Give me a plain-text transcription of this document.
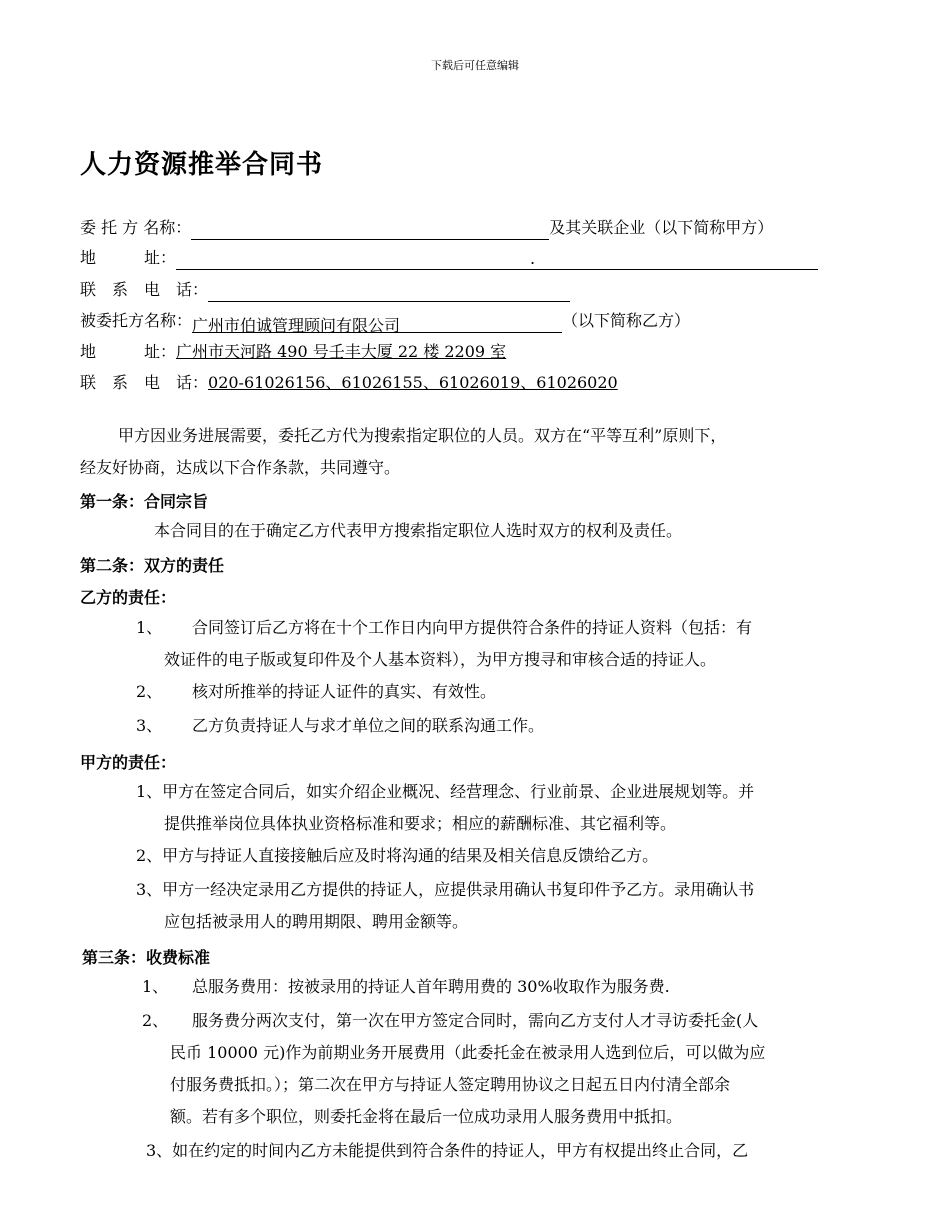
下载后可任意编辑
人力资源推举合同书
委 托 方 名称：	及其关联企业（以下简称甲方）
地　　　址：	.
联　系　电　话：
被委托方名称：广州市伯诚管理顾问有限公司	（以下简称乙方）
地　　　址：广州市天河路 490 号壬丰大厦 22 楼 2209 室
联　系　电　话：020-61026156、61026155、61026019、61026020
甲方因业务进展需要，委托乙方代为搜索指定职位的人员。双方在“平等互利”原则下，
经友好协商，达成以下合作条款，共同遵守。
第一条：合同宗旨
本合同目的在于确定乙方代表甲方搜索指定职位人选时双方的权利及责任。
第二条：双方的责任
乙方的责任：
1、 合同签订后乙方将在十个工作日内向甲方提供符合条件的持证人资料（包括：有
效证件的电子版或复印件及个人基本资料），为甲方搜寻和审核合适的持证人。
2、 核对所推举的持证人证件的真实、有效性。
3、 乙方负责持证人与求才单位之间的联系沟通工作。
甲方的责任：
1、甲方在签定合同后，如实介绍企业概况、经营理念、行业前景、企业进展规划等。并
提供推举岗位具体执业资格标准和要求；相应的薪酬标准、其它福利等。
2、甲方与持证人直接接触后应及时将沟通的结果及相关信息反馈给乙方。
3、甲方一经决定录用乙方提供的持证人，应提供录用确认书复印件予乙方。录用确认书
应包括被录用人的聘用期限、聘用金额等。
第三条：收费标准
1、 总服务费用：按被录用的持证人首年聘用费的 30%收取作为服务费.
2、 服务费分两次支付，第一次在甲方签定合同时，需向乙方支付人才寻访委托金(人
民币 10000 元)作为前期业务开展费用（此委托金在被录用人选到位后，可以做为应
付服务费抵扣。）；第二次在甲方与持证人签定聘用协议之日起五日内付清全部余
额。若有多个职位，则委托金将在最后一位成功录用人服务费用中抵扣。
3、如在约定的时间内乙方未能提供到符合条件的持证人，甲方有权提出终止合同，乙
